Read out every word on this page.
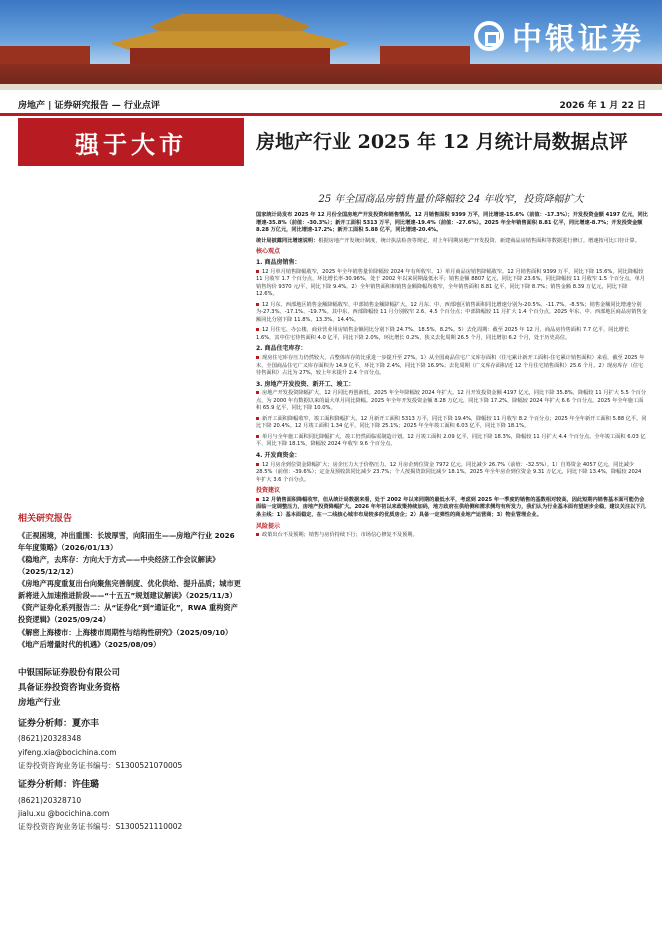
中银证券
房地产 | 证券研究报告 — 行业点评	2026 年 1 月 22 日
强于大市	房地产行业 2025 年 12 月统计局数据点评
25 年全国商品房销售量价降幅较 24 年收窄，投资降幅扩大

国家统计局发布 2025 年 12 月份全国房地产开发投资和销售情况。12 月销售面积 9399 万平，同比增速-15.6%（前值：-17.3%）；开发投资金额 4197 亿元，同比增速-35.8%（前值：-30.3%）；新开工面积 5313 万平，同比增速-19.4%（前值：-27.6%）。2025 年全年销售面积 8.81 亿平，同比增速-8.7%；开发投资金额 8.28 万亿元，同比增速-17.2%；新开工面积 5.88 亿平，同比增速-20.4%。

统计局披露同比增速说明：根据房地产开发统计制度，统计执法检查等规定，对上年同期房地产开发投资、新建商品房销售面积等数据进行修订。增速按可比口径计算。

核心观点
1. 商品房销售：

12 月单月销售降幅收窄，2025 年全年销售量价降幅较 2024 年有所收窄。1）单月商品房销售降幅收窄。12 月销售面积 9399 万平，同比下降 15.6%，同比降幅较 11 月收窄 1.7 个百分点，环比增长率-30.96%，处于 2002 年以来同期最低水平；销售金额 8807 亿元，同比下降 23.6%，同比降幅较 11 月收窄 1.5 个百分点。单月销售均价 9370 元/平，同比下降 9.4%。2）全年销售面积和销售金额降幅均收窄，全年销售面积 8.81 亿平，同比下降 8.7%；销售金额 8.39 万亿元，同比下降 12.6%。

12 月东、西部地区销售金额降幅收窄，中部销售金额降幅扩大。12 月东、中、西部地区销售面积同比增速分别为-20.5%、-11.7%、-8.5%；销售金额同比增速分别为-27.3%、-17.1%、-19.7%。其中东、西部降幅较 11 月分别收窄 2.6、4.5 个百分点；中部降幅较 11 月扩大 1.4 个百分点。2025 年东、中、西部地区商品房销售金额同比分别下降 11.8%、13.3%、14.4%。

12 月住宅、办公楼、商业营业用房销售金额同比分别下降 24.7%、18.5%、8.2%。5）去化周期：截至 2025 年 12 月，商品房待售面积 7.7 亿平，同比增长 1.6%，其中住宅待售面积 4.0 亿平，同比下降 2.0%，环比增长 0.2%，狭义去化周期 26.5 个月，同比增加 6.2 个月，处于历史高位。

2. 商品住宅库存：

现房住宅库存压力仍然较大，占整体库存的比重进一步提升至 27%。1）从全国商品住宅广义库存面积（住宅累计新开工面积-住宅累计销售面积）来看，截至 2025 年末，全国商品住宅广义库存面积为 14.9 亿平，环比下降 2.4%，同比下降 16.9%；去化周期（广义库存面积/近 12 个月住宅销售面积）25.6 个月。2）现房库存（住宅待售面积）占比为 27%，较上年末提升 2.4 个百分点。

3. 房地产开发投资、新开工、竣工：

房地产开发投资降幅扩大，12 月同比再创新低。2025 年全年降幅较 2024 年扩大。12 月开发投资金额 4197 亿元，同比下降 35.8%，降幅较 11 月扩大 5.5 个百分点，为 2000 年有数据以来的最大单月同比降幅。2025 年全年开发投资金额 8.28 万亿元，同比下降 17.2%，降幅较 2024 年扩大 6.6 个百分点。2025 年全年施工面积 65.9 亿平，同比下降 10.0%。

新开工面积降幅收窄，竣工面积降幅扩大。12 月新开工面积 5313 万平，同比下降 19.4%，降幅较 11 月收窄 8.2 个百分点；2025 年全年新开工面积 5.88 亿平，同比下降 20.4%。12 月竣工面积 1.34 亿平，同比下降 25.1%；2025 年全年竣工面积 6.03 亿平，同比下降 18.1%。

单月与全年施工面积同比降幅扩大，竣工仍然面临需制造计划。12 月竣工面积 2.09 亿平，同比下降 18.3%，降幅较 11 月扩大 4.4 个百分点。全年竣工面积 6.03 亿平，同比下降 18.1%，降幅较 2024 年收窄 9.6 个百分点。

4. 开发商资金：

12 月房企到位资金降幅扩大；房企压力大于价格压力。12 月房企到位资金 7972 亿元，同比减少 26.7%（前值：-32.5%）。1）自筹资金 4057 亿元，同比减少 28.5%（前值：-39.6%）；定金及预收款同比减少 23.7%；个人按揭贷款同比减少 18.1%。2025 年全年房企到位资金 9.31 万亿元，同比下降 13.4%，降幅较 2024 年扩大 3.6 个百分点。

投资建议

12 月销售面积降幅收窄，但从统计局数据来看，处于 2002 年以来同期的最低水平，考虑到 2025 年一季度的销售的基数相对较高，因此短期内销售基本面可能仍会面临一定调整压力，房地产投资降幅扩大。2026 年年初以来政策持续加码，地方政府在供给侧和需求侧均有所发力，我们认为行业基本面有望逐步企稳，建议关注以下几条主线：1）基本面稳定、在一二线核心城市布局较多的优质房企；2）具备一定弹性的商业地产运营商；3）物业管理企业。

风险提示

政策出台不及预期；销售与房价持续下行；市场信心修复不及预期。

相关研究报告
《正视困境，冲出重围：长坡厚雪，向阳而生——房地产行业 2026 年年度策略》（2026/01/13）
《稳地产，去库存：方向大于方式——中央经济工作会议解读》（2025/12/12）
《房地产再度重复出台向聚焦完善制度、优化供给、提升品质；城市更新将进入加速推进阶段——“十五五”规划建议解读》（2025/11/3）
《资产证券化系列报告二：从“证券化”到“通证化”，RWA 重构资产投资逻辑》（2025/09/24）
《解密上海楼市：上海楼市周期性与结构性研究》（2025/09/10）
《地产后增量时代的机遇》（2025/08/09）
中银国际证券股份有限公司
具备证券投资咨询业务资格
房地产行业
证券分析师：夏亦丰
(8621)20328348
yifeng.xia@bocichina.com
证券投资咨询业务证书编号：S1300521070005
证券分析师：许佳璐
(8621)20328710
jialu.xu @bocichina.com
证券投资咨询业务证书编号：S1300521110002
